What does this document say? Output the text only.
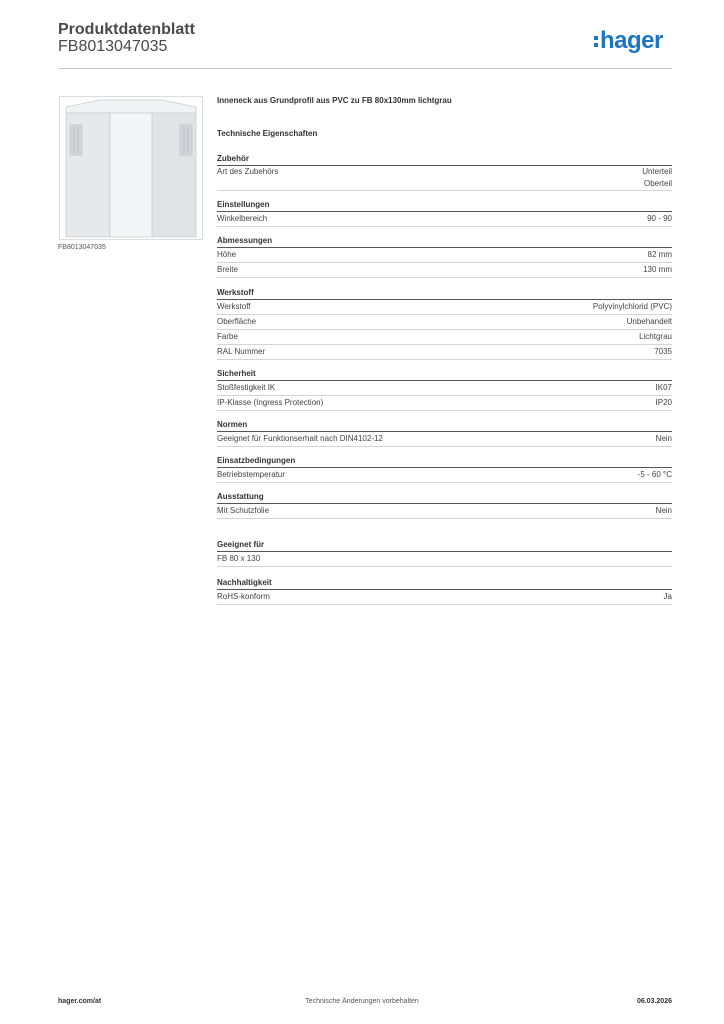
Produktdatenblatt
FB8013047035	hager
FB8013047035
Inneneck aus Grundprofil aus PVC zu FB 80x130mm lichtgrau
Technische Eigenschaften
Zubehör
Art des Zubehörs	Unterteil
Oberteil
Einstellungen
Winkelbereich	90 - 90
Abmessungen
Höhe	82 mm
Breite	130 mm
Werkstoff
Werkstoff	Polyvinylchlorid (PVC)
Oberfläche	Unbehandelt
Farbe	Lichtgrau
RAL Nummer	7035
Sicherheit
Stoßfestigkeit IK	IK07
IP-Klasse (Ingress Protection)	IP20
Normen
Geeignet für Funktionserhalt nach DIN4102-12	Nein
Einsatzbedingungen
Betriebstemperatur	-5 - 60 °C
Ausstattung
Mit Schutzfolie	Nein
Geeignet für
FB 80 x 130
Nachhaltigkeit
RoHS-konform	Ja
hager.com/at	Technische Änderungen vorbehalten	06.03.2026
